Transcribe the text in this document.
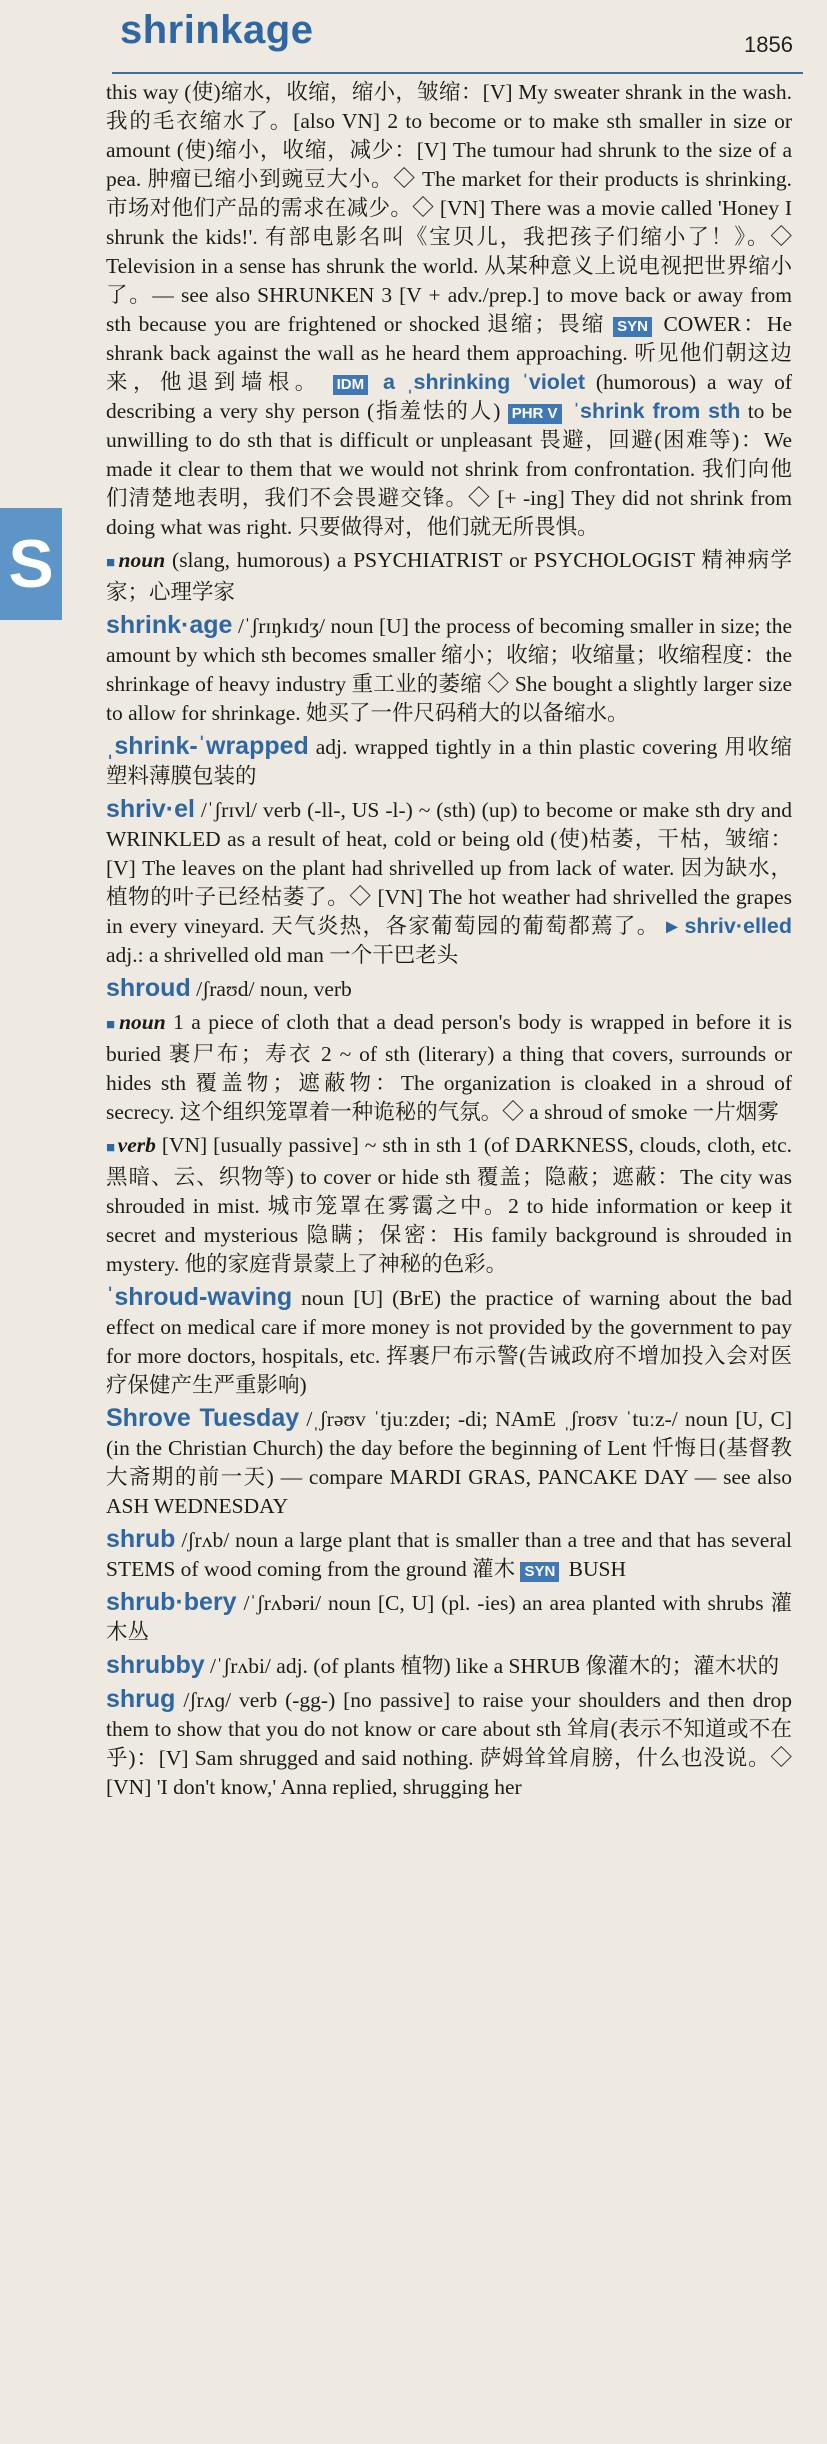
shrinkage	1856
S

this way (使)缩水，收缩，缩小，皱缩：[V] My sweater shrank in the wash. 我的毛衣缩水了。[also VN] 2 to become or to make sth smaller in size or amount (使)缩小，收缩，减少：[V] The tumour had shrunk to the size of a pea. 肿瘤已缩小到豌豆大小。◇ The market for their products is shrinking. 市场对他们产品的需求在减少。◇ [VN] There was a movie called 'Honey I shrunk the kids!'. 有部电影名叫《宝贝儿，我把孩子们缩小了！》。◇ Television in a sense has shrunk the world. 从某种意义上说电视把世界缩小了。— see also SHRUNKEN 3 [V + adv./prep.] to move back or away from sth because you are frightened or shocked 退缩；畏缩 SYN COWER：He shrank back against the wall as he heard them approaching. 听见他们朝这边来，他退到墙根。 IDM a ˌshrinking ˈviolet (humorous) a way of describing a very shy person (指羞怯的人) PHR V ˈshrink from sth to be unwilling to do sth that is difficult or unpleasant 畏避，回避(困难等)：We made it clear to them that we would not shrink from confrontation. 我们向他们清楚地表明，我们不会畏避交锋。◇ [+ -ing] They did not shrink from doing what was right. 只要做得对，他们就无所畏惧。

■noun (slang, humorous) a PSYCHIATRIST or PSYCHOLOGIST 精神病学家；心理学家

shrink·age /ˈʃrɪŋkɪdʒ/ noun [U] the process of becoming smaller in size; the amount by which sth becomes smaller 缩小；收缩；收缩量；收缩程度：the shrinkage of heavy industry 重工业的萎缩 ◇ She bought a slightly larger size to allow for shrinkage. 她买了一件尺码稍大的以备缩水。

ˌshrink-ˈwrapped adj. wrapped tightly in a thin plastic covering 用收缩塑料薄膜包装的

shriv·el /ˈʃrɪvl/ verb (-ll-, US -l-) ~ (sth) (up) to become or make sth dry and WRINKLED as a result of heat, cold or being old (使)枯萎，干枯，皱缩：[V] The leaves on the plant had shrivelled up from lack of water. 因为缺水，植物的叶子已经枯萎了。◇ [VN] The hot weather had shrivelled the grapes in every vineyard. 天气炎热，各家葡萄园的葡萄都蔫了。 ▸ shriv·elled adj.: a shrivelled old man 一个干巴老头

shroud /ʃraʊd/ noun, verb

■noun 1 a piece of cloth that a dead person's body is wrapped in before it is buried 裹尸布；寿衣 2 ~ of sth (literary) a thing that covers, surrounds or hides sth 覆盖物；遮蔽物：The organization is cloaked in a shroud of secrecy. 这个组织笼罩着一种诡秘的气氛。◇ a shroud of smoke 一片烟雾

■verb [VN] [usually passive] ~ sth in sth 1 (of DARKNESS, clouds, cloth, etc. 黑暗、云、织物等) to cover or hide sth 覆盖；隐蔽；遮蔽：The city was shrouded in mist. 城市笼罩在雾霭之中。2 to hide information or keep it secret and mysterious 隐瞒；保密：His family background is shrouded in mystery. 他的家庭背景蒙上了神秘的色彩。

ˈshroud-waving noun [U] (BrE) the practice of warning about the bad effect on medical care if more money is not provided by the government to pay for more doctors, hospitals, etc. 挥裹尸布示警(告诫政府不增加投入会对医疗保健产生严重影响)

Shrove Tuesday /ˌʃrəʊv ˈtjuːzdeɪ; -di; NAmE ˌʃroʊv ˈtuːz-/ noun [U, C] (in the Christian Church) the day before the beginning of Lent 忏悔日(基督教大斋期的前一天) — compare MARDI GRAS, PANCAKE DAY — see also ASH WEDNESDAY

shrub /ʃrʌb/ noun a large plant that is smaller than a tree and that has several STEMS of wood coming from the ground 灌木 SYN BUSH

shrub·bery /ˈʃrʌbəri/ noun [C, U] (pl. -ies) an area planted with shrubs 灌木丛

shrubby /ˈʃrʌbi/ adj. (of plants 植物) like a SHRUB 像灌木的；灌木状的

shrug /ʃrʌɡ/ verb (-gg-) [no passive] to raise your shoulders and then drop them to show that you do not know or care about sth 耸肩(表示不知道或不在乎)：[V] Sam shrugged and said nothing. 萨姆耸耸肩膀，什么也没说。◇ [VN] 'I don't know,' Anna replied, shrugging her
